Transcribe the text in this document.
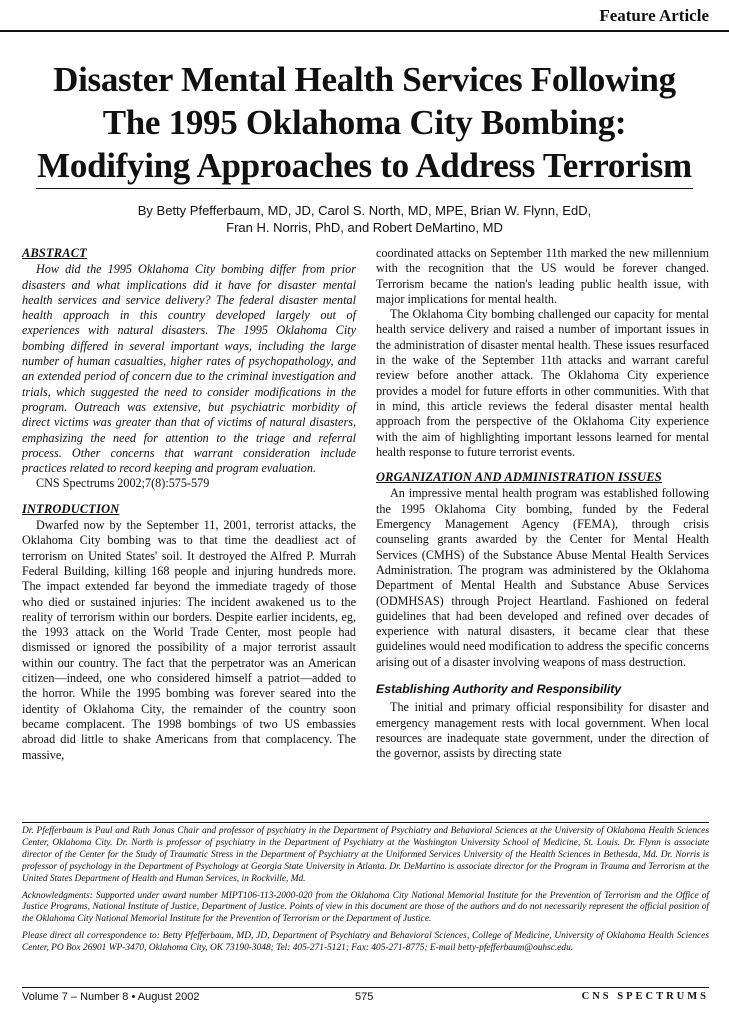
Feature Article
Disaster Mental Health Services Following
The 1995 Oklahoma City Bombing:
Modifying Approaches to Address Terrorism
By Betty Pfefferbaum, MD, JD, Carol S. North, MD, MPE, Brian W. Flynn, EdD,
Fran H. Norris, PhD, and Robert DeMartino, MD
ABSTRACT

How did the 1995 Oklahoma City bombing differ from prior disasters and what implications did it have for disaster mental health services and service delivery? The federal disaster mental health approach in this country developed largely out of experiences with natural disasters. The 1995 Oklahoma City bombing differed in several important ways, including the large number of human casualties, higher rates of psychopathology, and an extended period of concern due to the criminal investigation and trials, which suggested the need to consider modifications in the program. Outreach was extensive, but psychiatric morbidity of direct victims was greater than that of victims of natural disasters, emphasizing the need for attention to the triage and referral process. Other concerns that warrant consideration include practices related to record keeping and program evaluation.

CNS Spectrums 2002;7(8):575-579

INTRODUCTION

Dwarfed now by the September 11, 2001, terrorist attacks, the Oklahoma City bombing was to that time the deadliest act of terrorism on United States' soil. It destroyed the Alfred P. Murrah Federal Building, killing 168 people and injuring hundreds more. The impact extended far beyond the immediate tragedy of those who died or sustained injuries: The incident awakened us to the reality of terrorism within our borders. Despite earlier incidents, eg, the 1993 attack on the World Trade Center, most people had dismissed or ignored the possibility of a major terrorist assault within our country. The fact that the perpetrator was an American citizen—indeed, one who considered himself a patriot—added to the horror. While the 1995 bombing was forever seared into the identity of Oklahoma City, the remainder of the country soon became complacent. The 1998 bombings of two US embassies abroad did little to shake Americans from that complacency. The massive,

coordinated attacks on September 11th marked the new millennium with the recognition that the US would be forever changed. Terrorism became the nation's leading public health issue, with major implications for mental health.

The Oklahoma City bombing challenged our capacity for mental health service delivery and raised a number of important issues in the administration of disaster mental health. These issues resurfaced in the wake of the September 11th attacks and warrant careful review before another attack. The Oklahoma City experience provides a model for future efforts in other communities. With that in mind, this article reviews the federal disaster mental health approach from the perspective of the Oklahoma City experience with the aim of highlighting important lessons learned for mental health response to future terrorist events.

ORGANIZATION AND ADMINISTRATION ISSUES

An impressive mental health program was established following the 1995 Oklahoma City bombing, funded by the Federal Emergency Management Agency (FEMA), through crisis counseling grants awarded by the Center for Mental Health Services (CMHS) of the Substance Abuse Mental Health Services Administration. The program was administered by the Oklahoma Department of Mental Health and Substance Abuse Services (ODMHSAS) through Project Heartland. Fashioned on federal guidelines that had been developed and refined over decades of experience with natural disasters, it became clear that these guidelines would need modification to address the specific concerns arising out of a disaster involving weapons of mass destruction.

Establishing Authority and Responsibility

The initial and primary official responsibility for disaster and emergency management rests with local government. When local resources are inadequate state government, under the direction of the governor, assists by directing state

Dr. Pfefferbaum is Paul and Ruth Jonas Chair and professor of psychiatry in the Department of Psychiatry and Behavioral Sciences at the University of Oklahoma Health Sciences Center, Oklahoma City. Dr. North is professor of psychiatry in the Department of Psychiatry at the Washington University School of Medicine, St. Louis. Dr. Flynn is associate director of the Center for the Study of Traumatic Stress in the Department of Psychiatry at the Uniformed Services University of the Health Sciences in Bethesda, Md. Dr. Norris is professor of psychology in the Department of Psychology at Georgia State University in Atlanta. Dr. DeMartino is associate director for the Program in Trauma and Terrorism at the United States Department of Health and Human Services, in Rockville, Md.

Acknowledgments: Supported under award number MIPT106-113-2000-020 from the Oklahoma City National Memorial Institute for the Prevention of Terrorism and the Office of Justice Programs, National Institute of Justice, Department of Justice. Points of view in this document are those of the authors and do not necessarily represent the official position of the Oklahoma City National Memorial Institute for the Prevention of Terrorism or the Department of Justice.

Please direct all correspondence to: Betty Pfefferbaum, MD, JD, Department of Psychiatry and Behavioral Sciences, College of Medicine, University of Oklahoma Health Sciences Center, PO Box 26901 WP-3470, Oklahoma City, OK 73190-3048; Tel: 405-271-5121; Fax: 405-271-8775; E-mail betty-pfefferbaum@ouhsc.edu.

Volume 7 – Number 8 • August 2002	575	CNS SPECTRUMS
